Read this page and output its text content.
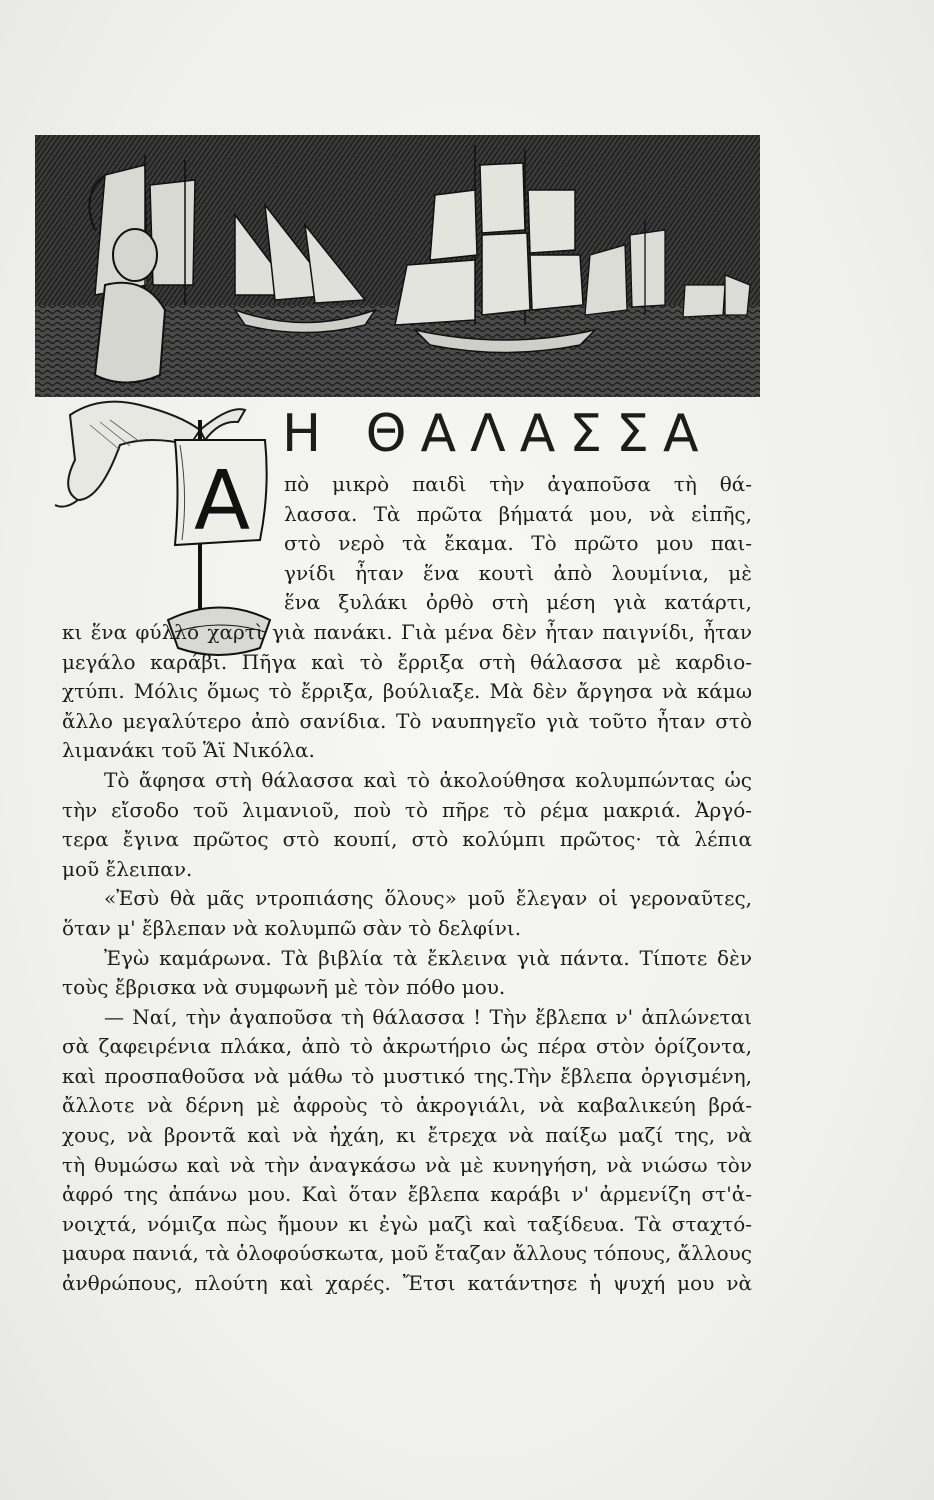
Α
Η ΘΑΛΑΣΣΑ
πὸ μικρὸ παιδὶ τὴν ἀγαποῦσα τὴ θά-
λασσα. Τὰ πρῶτα βήματά μου, νὰ εἰπῆς,
στὸ νερὸ τὰ ἔκαμα. Τὸ πρῶτο μου παι-
γνίδι ἦταν ἕνα κουτὶ ἀπὸ λουμίνια, μὲ
ἕνα ξυλάκι ὀρθὸ στὴ μέση γιὰ κατάρτι,
κι ἕνα φύλλο χαρτὶ γιὰ πανάκι. Γιὰ μένα δὲν ἦταν παιγνίδι, ἦταν
μεγάλο καράβι. Πῆγα καὶ τὸ ἔρριξα στὴ θάλασσα μὲ καρδιο-
χτύπι. Μόλις ὅμως τὸ ἔρριξα, βούλιαξε. Μὰ δὲν ἄργησα νὰ κάμω
ἄλλο μεγαλύτερο ἀπὸ σανίδια. Τὸ ναυπηγεῖο γιὰ τοῦτο ἦταν στὸ
λιμανάκι τοῦ Ἅϊ Νικόλα.
Τὸ ἄφησα στὴ θάλασσα καὶ τὸ ἀκολούθησα κολυμπώντας ὡς
τὴν εἴσοδο τοῦ λιμανιοῦ, ποὺ τὸ πῆρε τὸ ρέμα μακριά. Ἀργό-
τερα ἔγινα πρῶτος στὸ κουπί, στὸ κολύμπι πρῶτος· τὰ λέπια
μοῦ ἔλειπαν.
«Ἐσὺ θὰ μᾶς ντροπιάσης ὅλους» μοῦ ἔλεγαν οἱ γεροναῦτες,
ὅταν μ' ἔβλεπαν νὰ κολυμπῶ σὰν τὸ δελφίνι.
Ἐγὼ καμάρωνα. Τὰ βιβλία τὰ ἔκλεινα γιὰ πάντα. Τίποτε δὲν
τοὺς ἔβρισκα νὰ συμφωνῆ μὲ τὸν πόθο μου.
— Ναί, τὴν ἀγαποῦσα τὴ θάλασσα ! Τὴν ἔβλεπα ν' ἁπλώνεται
σὰ ζαφειρένια πλάκα, ἀπὸ τὸ ἀκρωτήριο ὡς πέρα στὸν ὁρίζοντα,
καὶ προσπαθοῦσα νὰ μάθω τὸ μυστικό της.Τὴν ἔβλεπα ὀργισμένη,
ἄλλοτε νὰ δέρνη μὲ ἀφροὺς τὸ ἀκρογιάλι, νὰ καβαλικεύη βρά-
χους, νὰ βροντᾶ καὶ νὰ ἠχάη, κι ἔτρεχα νὰ παίξω μαζί της, νὰ
τὴ θυμώσω καὶ νὰ τὴν ἀναγκάσω νὰ μὲ κυνηγήση, νὰ νιώσω τὸν
ἀφρό της ἀπάνω μου. Καὶ ὅταν ἔβλεπα καράβι ν' ἀρμενίζη στ'ἀ-
νοιχτά, νόμιζα πὼς ἤμουν κι ἐγὼ μαζὶ καὶ ταξίδευα. Τὰ σταχτό-
μαυρα πανιά, τὰ ὁλοφούσκωτα, μοῦ ἔταζαν ἄλλους τόπους, ἄλλους
ἀνθρώπους, πλούτη καὶ χαρές. Ἔτσι κατάντησε ἡ ψυχή μου νὰ
